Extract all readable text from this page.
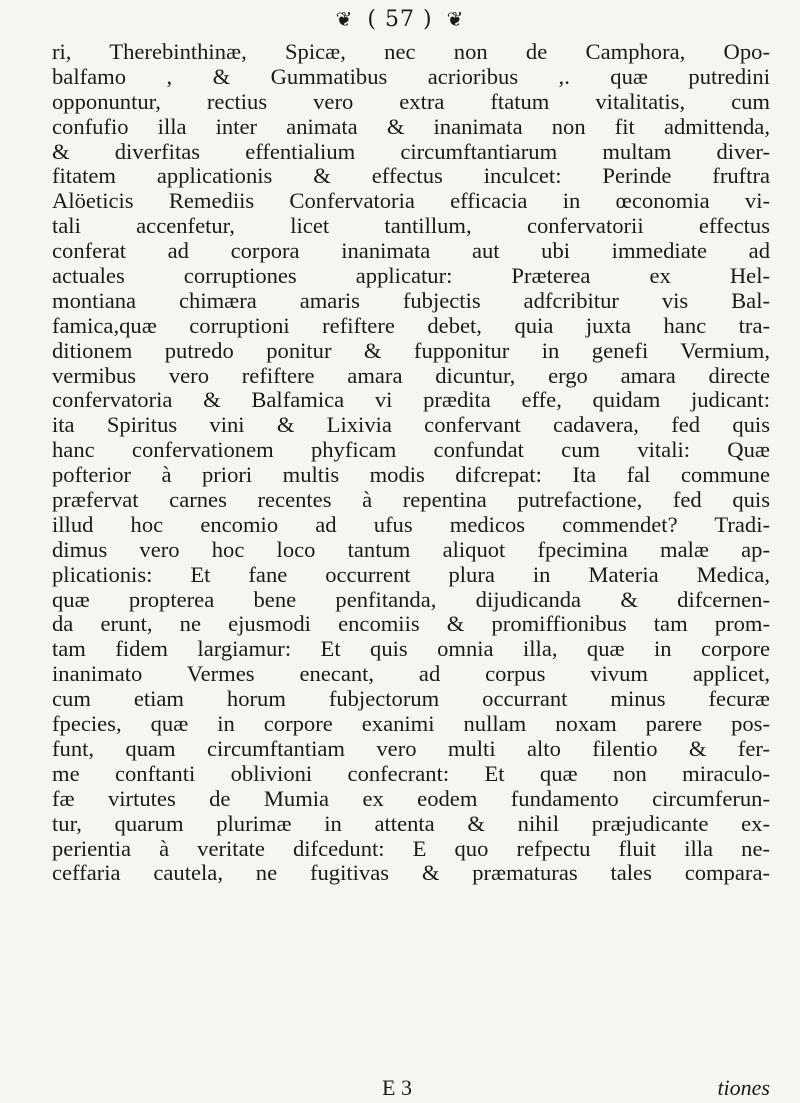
❦ ( 57 ) ❦
ri, Therebinthinæ, Spicæ, nec non de Camphora, Opo-
balfamo , & Gummatibus acrioribus ,. quæ putredini
opponuntur, rectius vero extra ftatum vitalitatis, cum
confufio illa inter animata & inanimata non fit admittenda,
& diverfitas effentialium circumftantiarum multam diver-
fitatem applicationis & effectus inculcet: Perinde fruftra
Alöeticis Remediis Confervatoria efficacia in œconomia vi-
tali accenfetur, licet tantillum, confervatorii effectus
conferat ad corpora inanimata aut ubi immediate ad
actuales corruptiones applicatur: Præterea ex Hel-
montiana chimæra amaris fubjectis adfcribitur vis Bal-
famica,quæ corruptioni refiftere debet, quia juxta hanc tra-
ditionem putredo ponitur & fupponitur in genefi Vermium,
vermibus vero refiftere amara dicuntur, ergo amara directe
confervatoria & Balfamica vi prædita effe, quidam judicant:
ita Spiritus vini & Lixivia confervant cadavera, fed quis
hanc confervationem phyficam confundat cum vitali: Quæ
pofterior à priori multis modis difcrepat: Ita fal commune
præfervat carnes recentes à repentina putrefactione, fed quis
illud hoc encomio ad ufus medicos commendet? Tradi-
dimus vero hoc loco tantum aliquot fpecimina malæ ap-
plicationis: Et fane occurrent plura in Materia Medica,
quæ propterea bene penfitanda, dijudicanda & difcernen-
da erunt, ne ejusmodi encomiis & promiffionibus tam prom-
tam fidem largiamur: Et quis omnia illa, quæ in corpore
inanimato Vermes enecant, ad corpus vivum applicet,
cum etiam horum fubjectorum occurrant minus fecuræ
fpecies, quæ in corpore exanimi nullam noxam parere pos-
funt, quam circumftantiam vero multi alto filentio & fer-
me conftanti oblivioni confecrant: Et quæ non miraculo-
fæ virtutes de Mumia ex eodem fundamento circumferun-
tur, quarum plurimæ in attenta & nihil præjudicante ex-
perientia à veritate difcedunt: E quo refpectu fluit illa ne-
ceffaria cautela, ne fugitivas & præmaturas tales compara-
E 3	tiones
